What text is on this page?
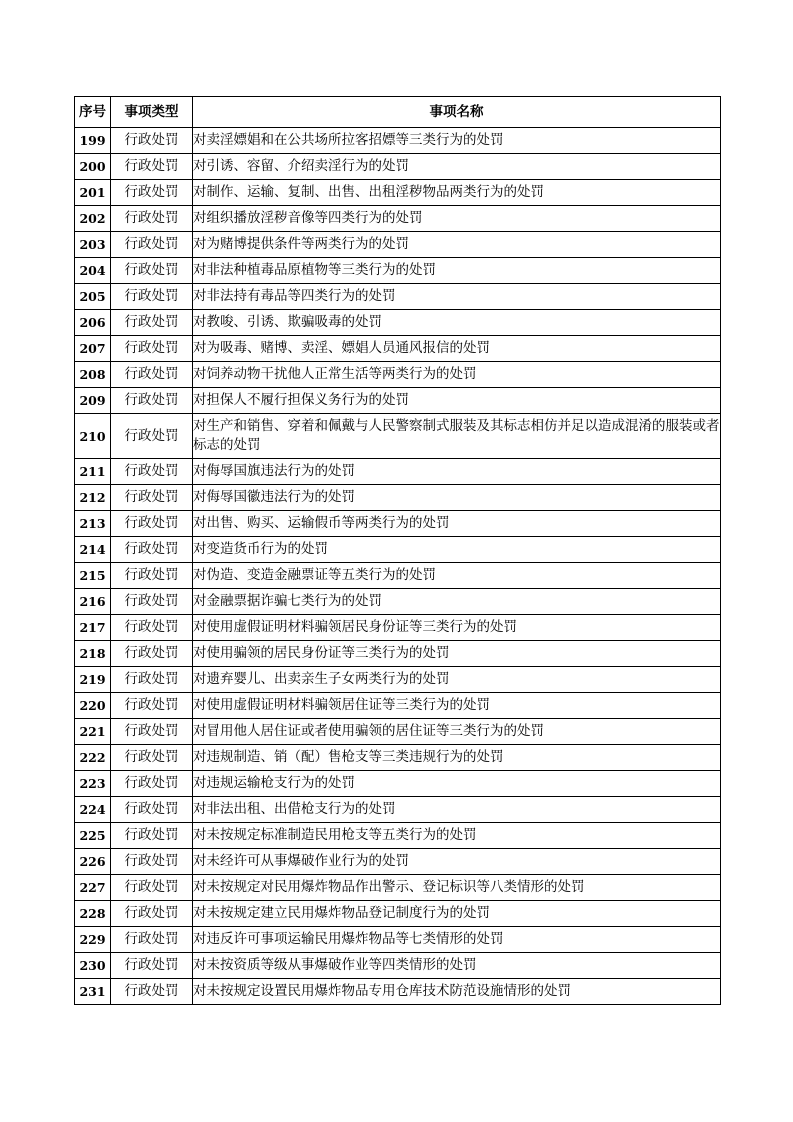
序号	事项类型	事项名称
199	行政处罚	对卖淫嫖娼和在公共场所拉客招嫖等三类行为的处罚
200	行政处罚	对引诱、容留、介绍卖淫行为的处罚
201	行政处罚	对制作、运输、复制、出售、出租淫秽物品两类行为的处罚
202	行政处罚	对组织播放淫秽音像等四类行为的处罚
203	行政处罚	对为赌博提供条件等两类行为的处罚
204	行政处罚	对非法种植毒品原植物等三类行为的处罚
205	行政处罚	对非法持有毒品等四类行为的处罚
206	行政处罚	对教唆、引诱、欺骗吸毒的处罚
207	行政处罚	对为吸毒、赌博、卖淫、嫖娼人员通风报信的处罚
208	行政处罚	对饲养动物干扰他人正常生活等两类行为的处罚
209	行政处罚	对担保人不履行担保义务行为的处罚
210	行政处罚	对生产和销售、穿着和佩戴与人民警察制式服装及其标志相仿并足以造成混淆的服装或者标志的处罚
211	行政处罚	对侮辱国旗违法行为的处罚
212	行政处罚	对侮辱国徽违法行为的处罚
213	行政处罚	对出售、购买、运输假币等两类行为的处罚
214	行政处罚	对变造货币行为的处罚
215	行政处罚	对伪造、变造金融票证等五类行为的处罚
216	行政处罚	对金融票据诈骗七类行为的处罚
217	行政处罚	对使用虚假证明材料骗领居民身份证等三类行为的处罚
218	行政处罚	对使用骗领的居民身份证等三类行为的处罚
219	行政处罚	对遗弃婴儿、出卖亲生子女两类行为的处罚
220	行政处罚	对使用虚假证明材料骗领居住证等三类行为的处罚
221	行政处罚	对冒用他人居住证或者使用骗领的居住证等三类行为的处罚
222	行政处罚	对违规制造、销（配）售枪支等三类违规行为的处罚
223	行政处罚	对违规运输枪支行为的处罚
224	行政处罚	对非法出租、出借枪支行为的处罚
225	行政处罚	对未按规定标准制造民用枪支等五类行为的处罚
226	行政处罚	对未经许可从事爆破作业行为的处罚
227	行政处罚	对未按规定对民用爆炸物品作出警示、登记标识等八类情形的处罚
228	行政处罚	对未按规定建立民用爆炸物品登记制度行为的处罚
229	行政处罚	对违反许可事项运输民用爆炸物品等七类情形的处罚
230	行政处罚	对未按资质等级从事爆破作业等四类情形的处罚
231	行政处罚	对未按规定设置民用爆炸物品专用仓库技术防范设施情形的处罚
